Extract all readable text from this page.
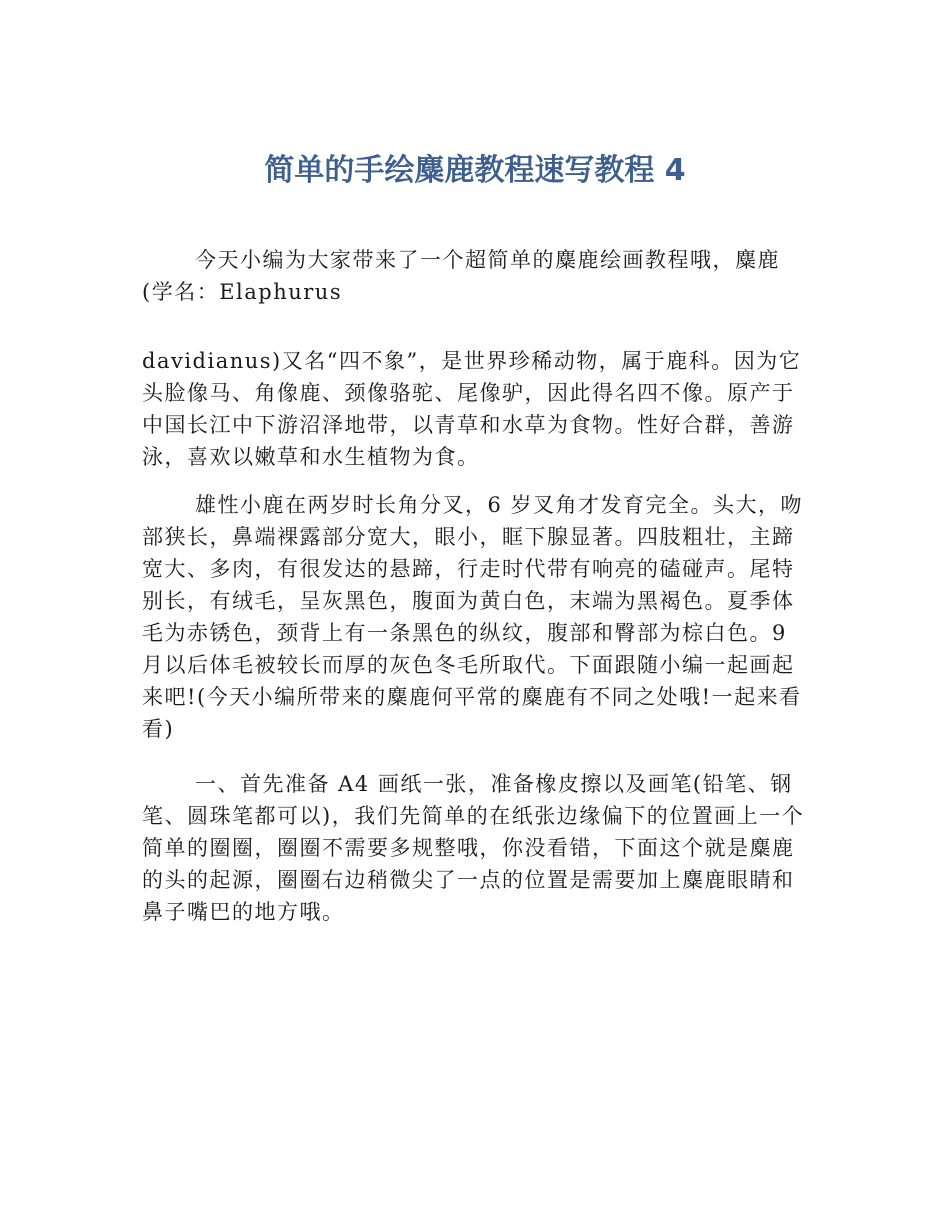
简单的手绘麋鹿教程速写教程 4

今天小编为大家带来了一个超简单的麋鹿绘画教程哦，麋鹿(学名：Elaphurus

davidianus)又名“四不象”，是世界珍稀动物，属于鹿科。因为它头脸像马、角像鹿、颈像骆驼、尾像驴，因此得名四不像。原产于中国长江中下游沼泽地带，以青草和水草为食物。性好合群，善游泳，喜欢以嫩草和水生植物为食。

雄性小鹿在两岁时长角分叉，6 岁叉角才发育完全。头大，吻部狭长，鼻端裸露部分宽大，眼小，眶下腺显著。四肢粗壮，主蹄宽大、多肉，有很发达的悬蹄，行走时代带有响亮的磕碰声。尾特别长，有绒毛，呈灰黑色，腹面为黄白色，末端为黑褐色。夏季体毛为赤锈色，颈背上有一条黑色的纵纹，腹部和臀部为棕白色。9 月以后体毛被较长而厚的灰色冬毛所取代。下面跟随小编一起画起来吧!(今天小编所带来的麋鹿何平常的麋鹿有不同之处哦!一起来看看)

一、首先准备 A4 画纸一张，准备橡皮擦以及画笔(铅笔、钢笔、圆珠笔都可以)，我们先简单的在纸张边缘偏下的位置画上一个简单的圈圈，圈圈不需要多规整哦，你没看错，下面这个就是麋鹿的头的起源，圈圈右边稍微尖了一点的位置是需要加上麋鹿眼睛和鼻子嘴巴的地方哦。
